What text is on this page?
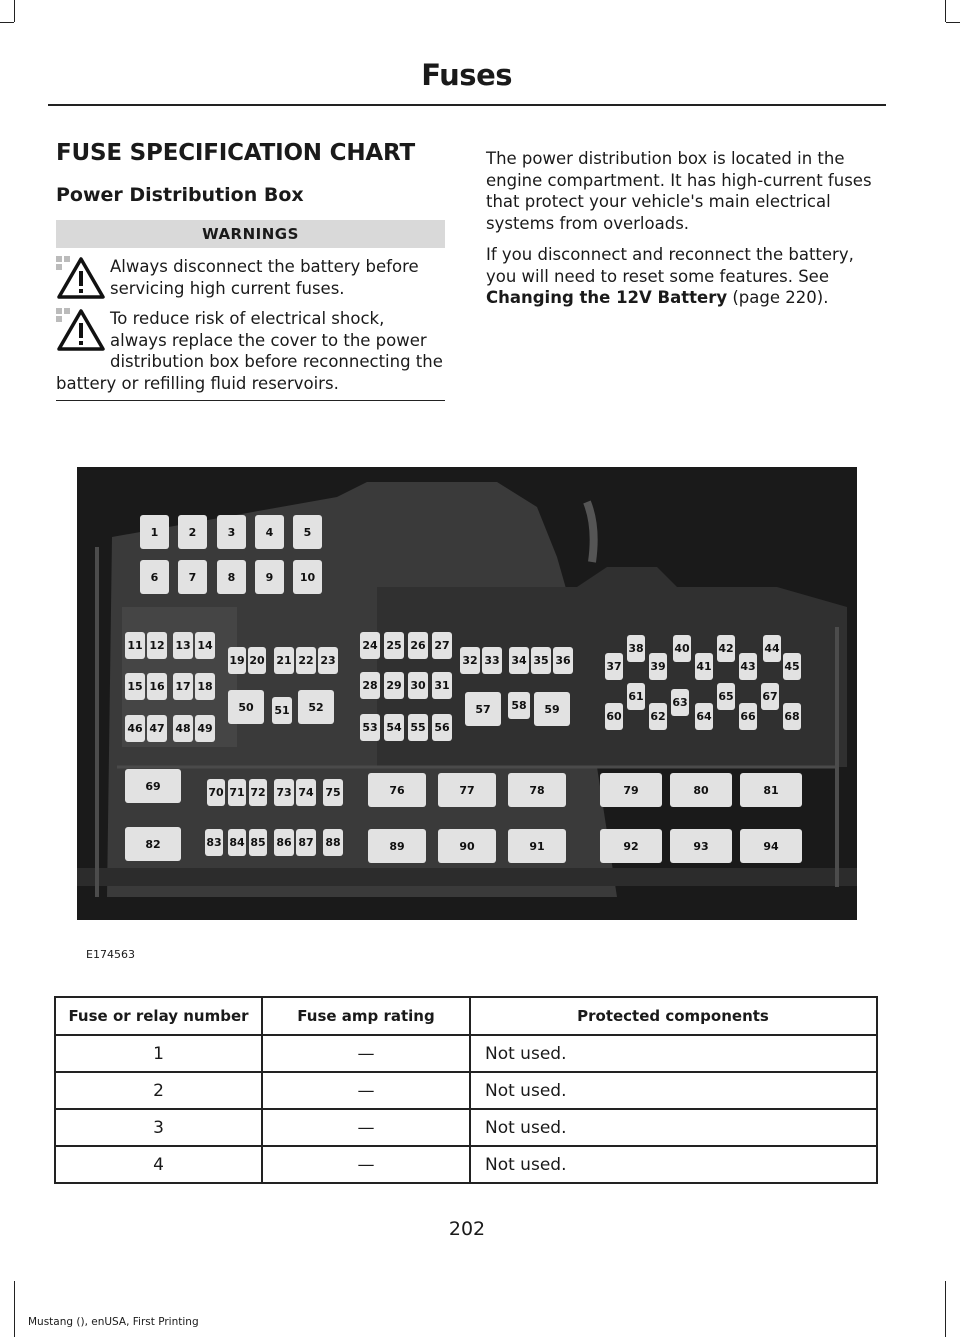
Fuses
FUSE SPECIFICATION CHART
Power Distribution Box
WARNINGS
Always disconnect the battery before servicing high current fuses.
To reduce risk of electrical shock, always replace the cover to the power distribution box before reconnecting the battery or refilling fluid reservoirs.

The power distribution box is located in the engine compartment. It has high-current fuses that protect your vehicle's main electrical systems from overloads.

If you disconnect and reconnect the battery, you will need to reset some features. See Changing the 12V Battery (page 220).

1	2	3	4	5
6	7	8	9	10
11 12 13 14
15 16 17 18
19 20 21 22 23
24 25 26 27
28 29 30 31
32 33 34 35 36	37
38
39
40
41
42
43
44
45
46 47 48 49
50	51	52
53 54 55 56
57	58	59
60
61
62
63
64
65
66
67
68
69	70 71 72 73 74 75	76	77	78	79	80	81
82	83 84 85 86 87 88	89	90	91	92	93	94
E174563
Fuse or relay number	Fuse amp rating	Protected components
1	—	Not used.
2	—	Not used.
3	—	Not used.
4	—	Not used.
202
Mustang (), enUSA, First Printing
